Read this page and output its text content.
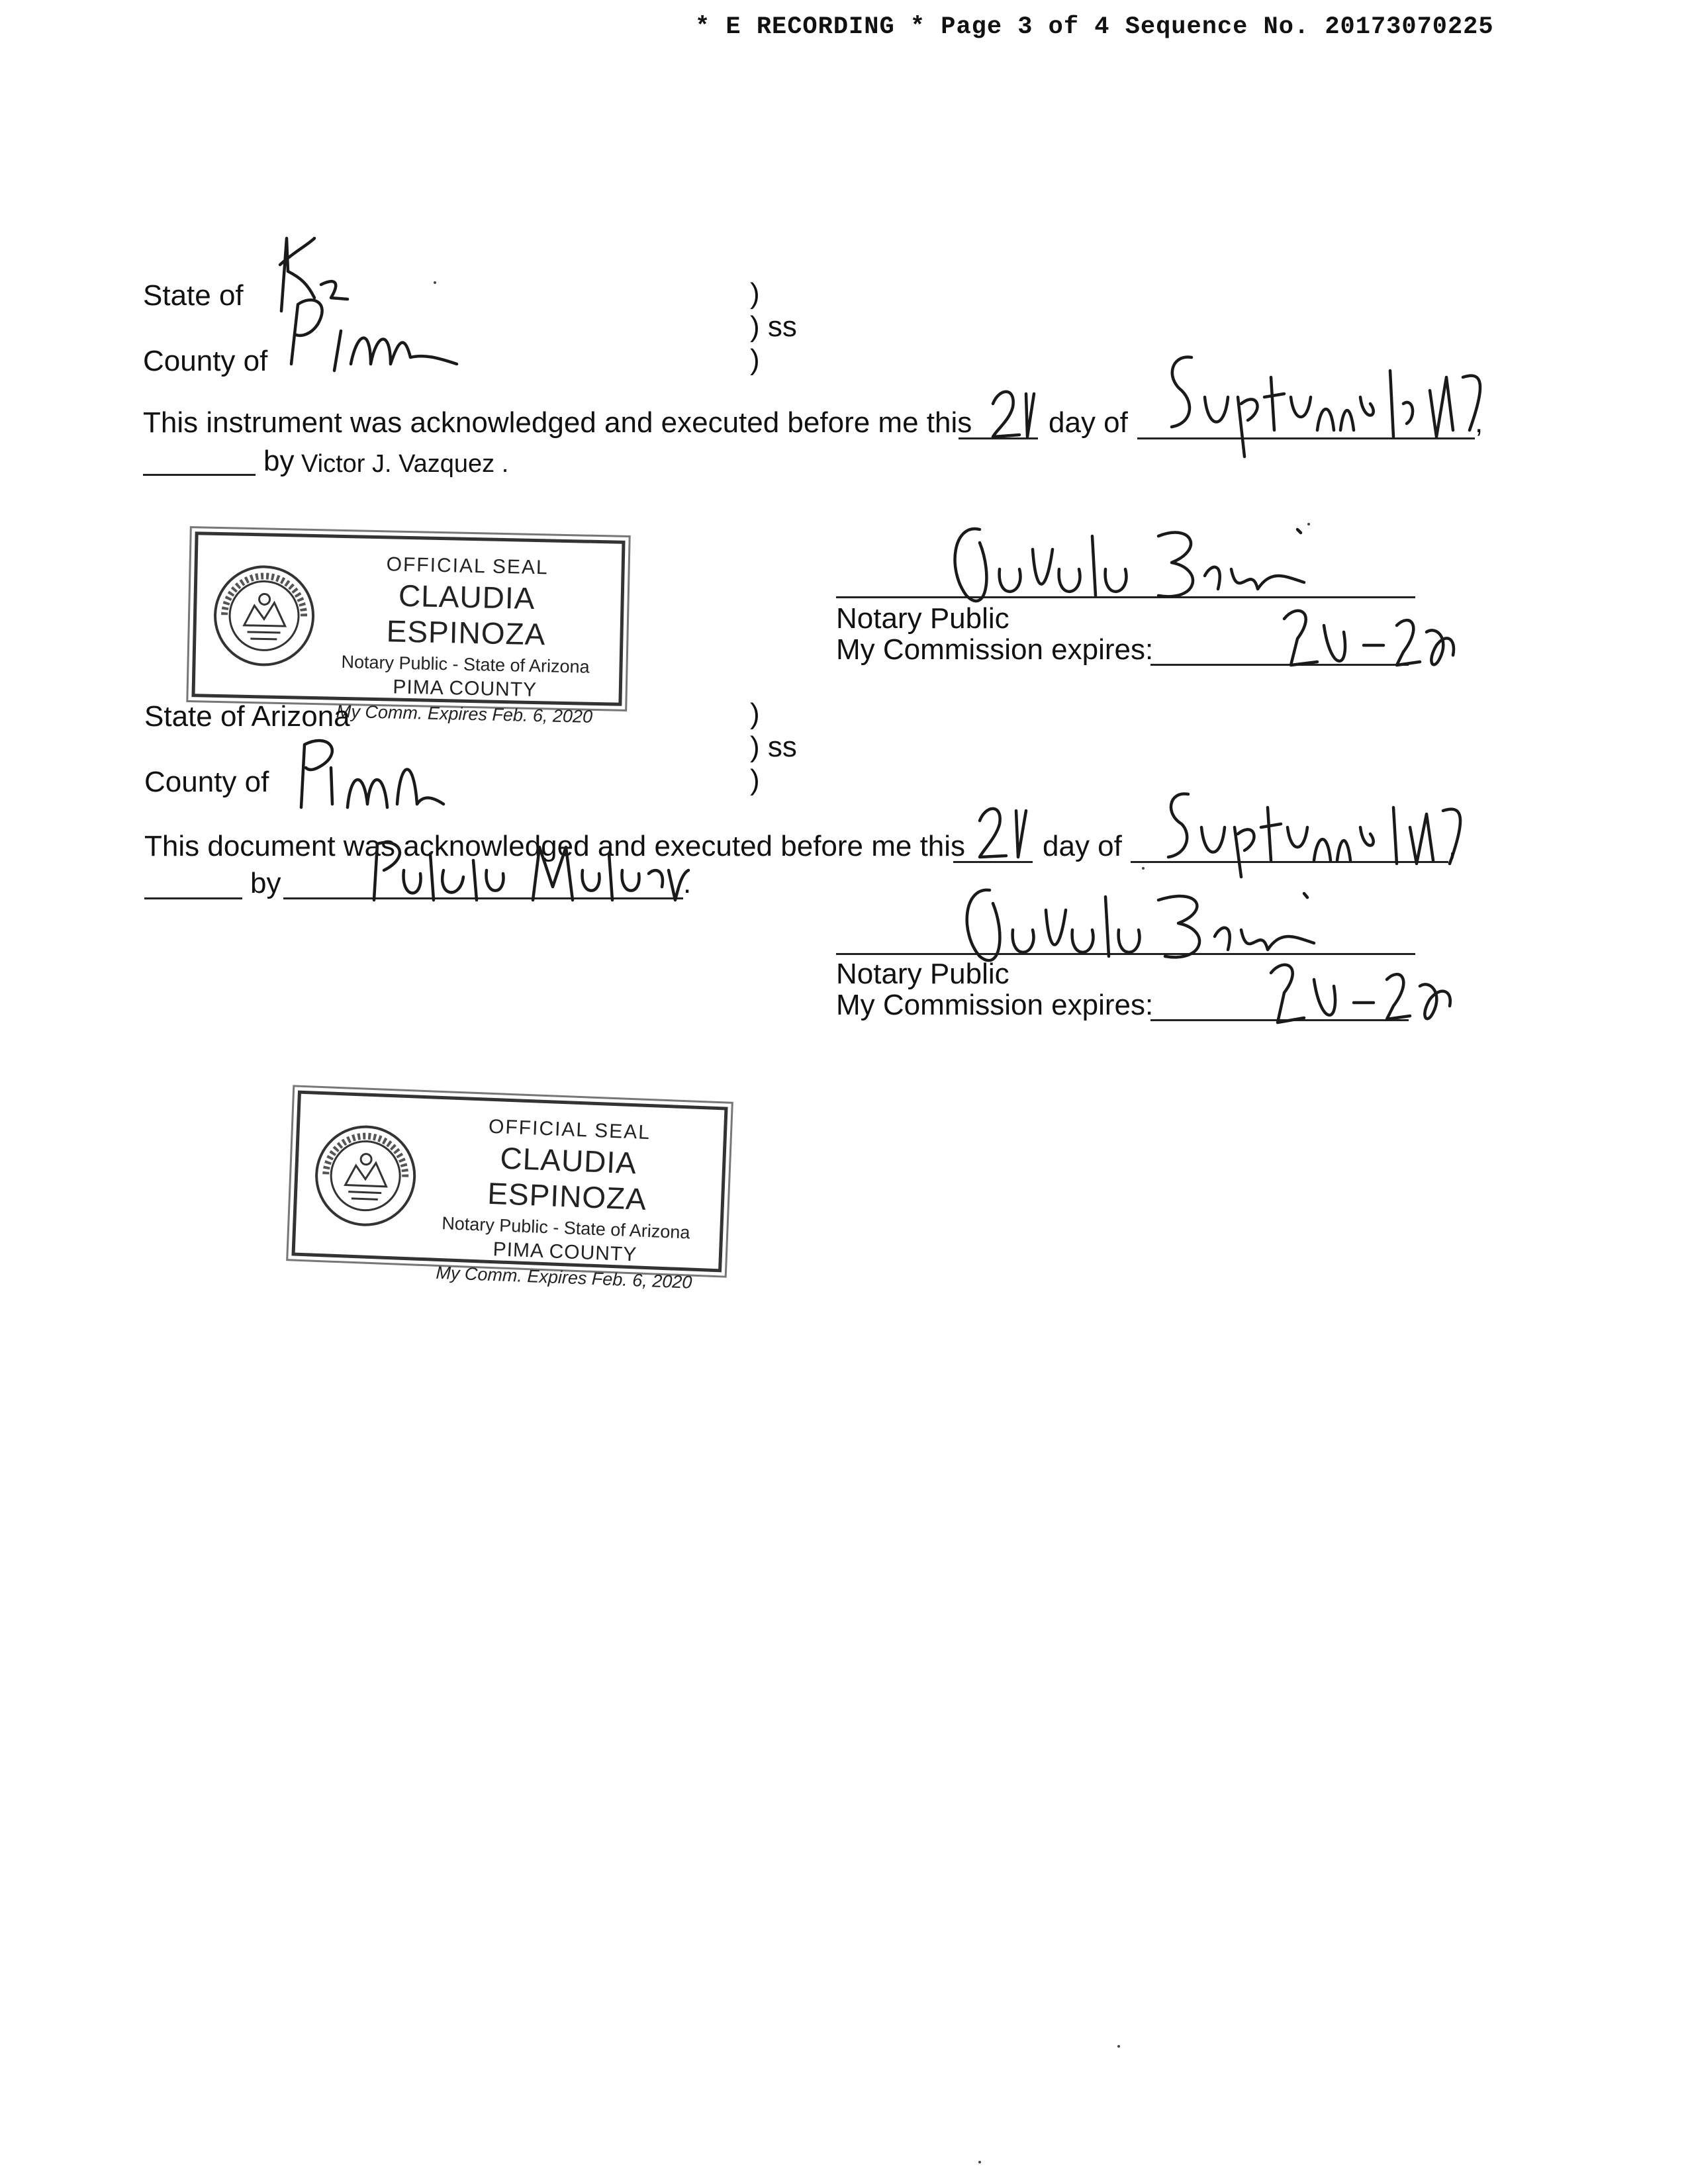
* E RECORDING * Page 3 of 4 Sequence No. 20173070225
State of
County of
)
) ss
)
This instrument was acknowledged and executed before me this	day of	,
by Victor J. Vazquez .
OFFICIAL SEAL
CLAUDIA ESPINOZA
Notary Public - State of Arizona
PIMA COUNTY
My Comm. Expires Feb. 6, 2020
Notary Public
My Commission expires:
State of Arizona
County of
)
) ss
)
This document was acknowledged and executed before me this	day of	,
by	.
Notary Public
My Commission expires:
OFFICIAL SEAL
CLAUDIA ESPINOZA
Notary Public - State of Arizona
PIMA COUNTY
My Comm. Expires Feb. 6, 2020
